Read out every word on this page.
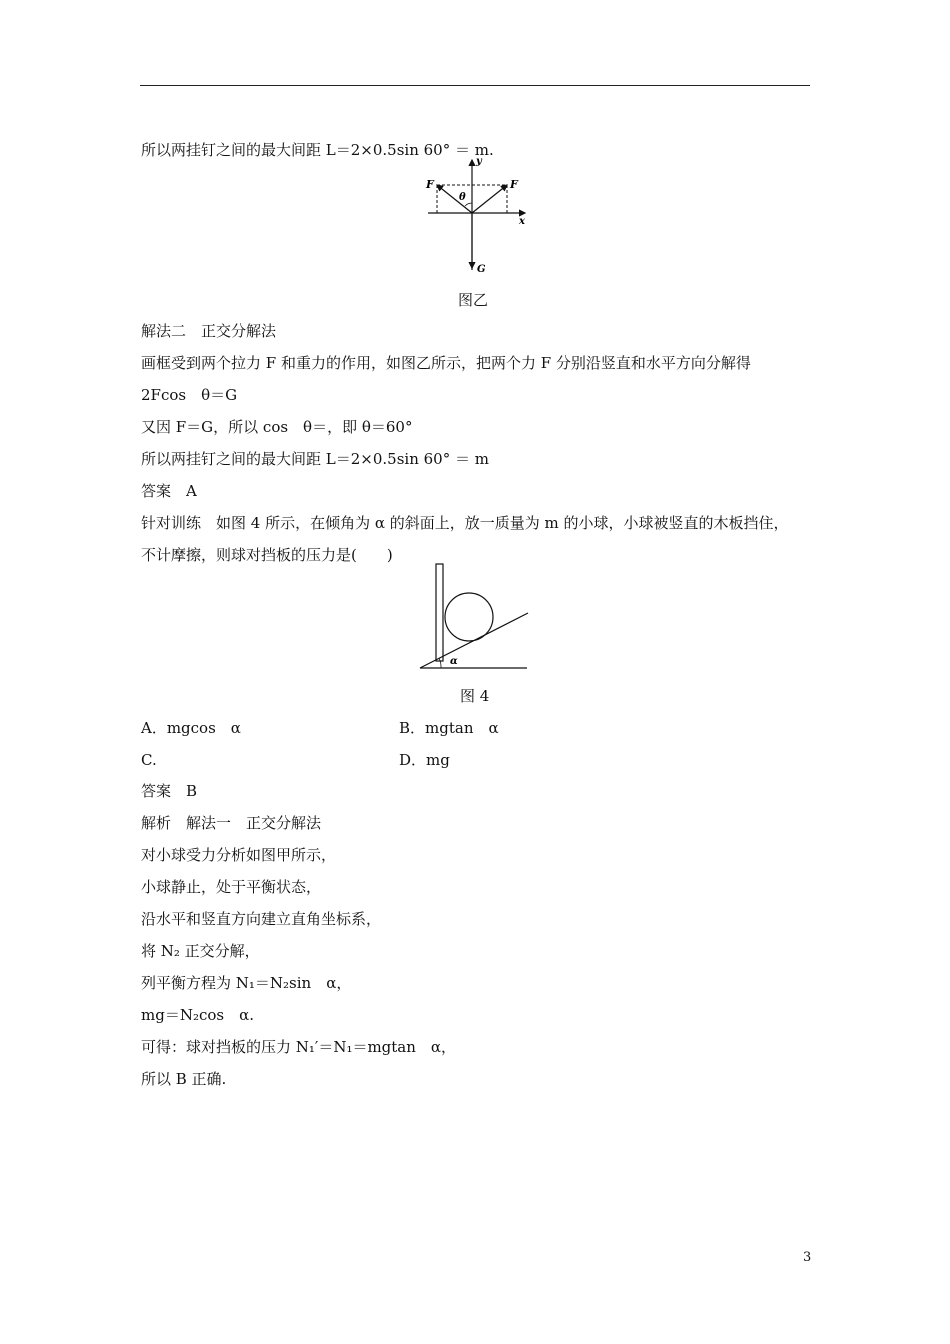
所以两挂钉之间的最大间距 L＝2×0.5sin 60° ＝ m.
F	F
θ
x
y
G
图乙
解法二　正交分解法
画框受到两个拉力 F 和重力的作用，如图乙所示，把两个力 F 分别沿竖直和水平方向分解得
2Fcos　θ＝G
又因 F＝G，所以 cos　θ＝，即 θ＝60°
所以两挂钉之间的最大间距 L＝2×0.5sin 60° ＝ m
答案　A
针对训练　如图 4 所示，在倾角为 α 的斜面上，放一质量为 m 的小球，小球被竖直的木板挡住，
不计摩擦，则球对挡板的压力是(　　)
α
图 4
A．mgcos　α	B．mgtan　α
C.	D．mg
答案　B
解析　解法一　正交分解法
对小球受力分析如图甲所示，
小球静止，处于平衡状态，
沿水平和竖直方向建立直角坐标系，
将 N₂ 正交分解，
列平衡方程为 N₁＝N₂sin　α，
mg＝N₂cos　α.
可得：球对挡板的压力 N₁′＝N₁＝mgtan　α，
所以 B 正确.
3
